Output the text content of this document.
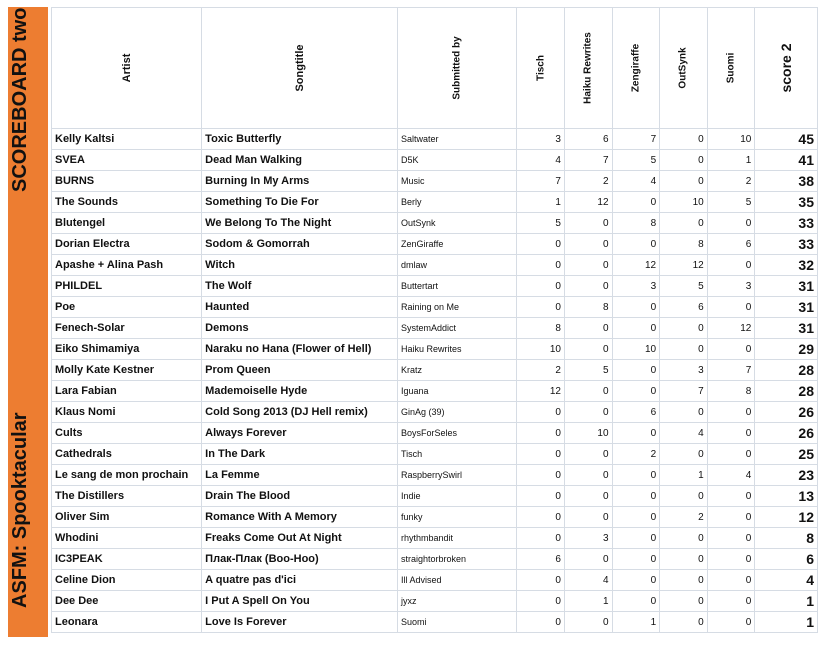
SCOREBOARD two
ASFM: Spooktacular
Artist	Songtitle	Submitted by	Tisch	Haiku Rewrites	Zengiraffe	OutSynk	Suomi	score 2

Kelly Kaltsi	Toxic Butterfly	Saltwater	3	6	7	0	10	45
SVEA	Dead Man Walking	D5K	4	7	5	0	1	41
BURNS	Burning In My Arms	Music	7	2	4	0	2	38
The Sounds	Something To Die For	Berly	1	12	0	10	5	35
Blutengel	We Belong To The Night	OutSynk	5	0	8	0	0	33
Dorian Electra	Sodom & Gomorrah	ZenGiraffe	0	0	0	8	6	33
Apashe + Alina Pash	Witch	dmlaw	0	0	12	12	0	32
PHILDEL	The Wolf	Buttertart	0	0	3	5	3	31
Poe	Haunted	Raining on Me	0	8	0	6	0	31
Fenech-Solar	Demons	SystemAddict	8	0	0	0	12	31
Eiko Shimamiya	Naraku no Hana (Flower of Hell)	Haiku Rewrites	10	0	10	0	0	29
Molly Kate Kestner	Prom Queen	Kratz	2	5	0	3	7	28
Lara Fabian	Mademoiselle Hyde	Iguana	12	0	0	7	8	28
Klaus Nomi	Cold Song 2013 (DJ Hell remix)	GinAg (39)	0	0	6	0	0	26
Cults	Always Forever	BoysForSeles	0	10	0	4	0	26
Cathedrals	In The Dark	Tisch	0	0	2	0	0	25
Le sang de mon prochain	La Femme	RaspberrySwirl	0	0	0	1	4	23
The Distillers	Drain The Blood	Indie	0	0	0	0	0	13
Oliver Sim	Romance With A Memory	funky	0	0	0	2	0	12
Whodini	Freaks Come Out At Night	rhythmbandit	0	3	0	0	0	8
IC3PEAK	Плак-Плак (Boo-Hoo)	straightorbroken	6	0	0	0	0	6
Celine Dion	A quatre pas d'ici	Ill Advised	0	4	0	0	0	4
Dee Dee	I Put A Spell On You	jyxz	0	1	0	0	0	1
Leonara	Love Is Forever	Suomi	0	0	1	0	0	1
